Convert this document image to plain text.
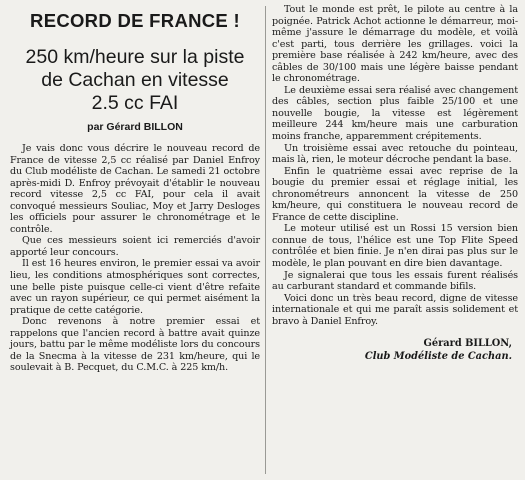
RECORD DE FRANCE !
250 km/heure sur la piste
de Cachan en vitesse
2.5 cc FAI
par Gérard BILLON

Je vais donc vous décrire le nouveau record de France de vitesse 2,5 cc réalisé par Daniel Enfroy du Club modéliste de Cachan. Le samedi 21 octobre après-midi D. Enfroy prévoyait d'établir le nouveau record vitesse 2,5 cc FAI, pour cela il avait convoqué messieurs Souliac, Moy et Jarry Desloges les officiels pour assurer le chronométrage et le contrôle.

Que ces messieurs soient ici remerciés d'avoir apporté leur concours.

Il est 16 heures environ, le premier essai va avoir lieu, les conditions atmosphériques sont correctes, une belle piste puisque celle-ci vient d'être refaite avec un rayon supérieur, ce qui permet aisément la pratique de cette catégorie.

Donc revenons à notre premier essai et rappelons que l'ancien record à battre avait quinze jours, battu par le même modéliste lors du concours de la Snecma à la vitesse de 231 km/heure, qui le soulevait à B. Pecquet, du C.M.C. à 225 km/h.

Tout le monde est prêt, le pilote au centre à la poignée. Patrick Achot actionne le démarreur, moi-même j'assure le démarrage du modèle, et voilà c'est parti, tous derrière les grillages. voici la première base réalisée à 242 km/heure, avec des câbles de 30/100 mais une légère baisse pendant le chronométrage.

Le deuxième essai sera réalisé avec changement des câbles, section plus faible 25/100 et une nouvelle bougie, la vitesse est légèrement meilleure 244 km/heure mais une carburation moins franche, apparemment crépitements.

Un troisième essai avec retouche du pointeau, mais là, rien, le moteur décroche pendant la base.

Enfin le quatrième essai avec reprise de la bougie du premier essai et réglage initial, les chronométreurs annoncent la vitesse de 250 km/heure, qui constituera le nouveau record de France de cette discipline.

Le moteur utilisé est un Rossi 15 version bien connue de tous, l'hélice est une Top Flite Speed contrôlée et bien finie. Je n'en dirai pas plus sur le modèle, le plan pouvant en dire bien davantage.

Je signalerai que tous les essais furent réalisés au carburant standard et commande bifils.

Voici donc un très beau record, digne de vitesse internationale et qui me paraît assis solidement et bravo à Daniel Enfroy.

Gérard BILLON,
Club Modéliste de Cachan.
